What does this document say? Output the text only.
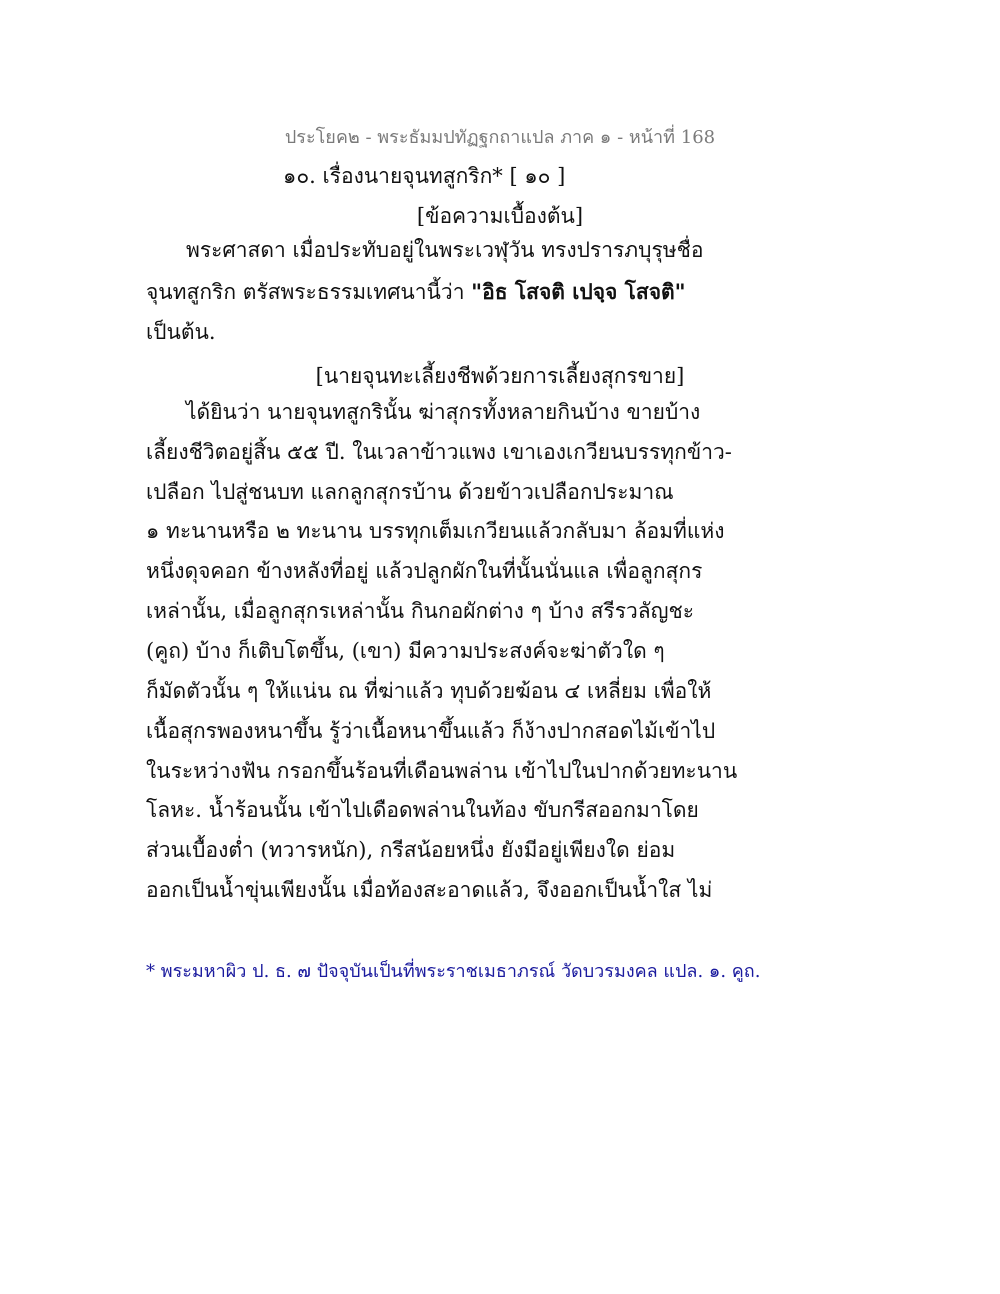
ประโยค๒ - พระธัมมปทัฏฐกถาแปล ภาค ๑ - หน้าที่ 168
๑๐. เรื่องนายจุนทสูกริก* [ ๑๐ ]
[ข้อความเบื้องต้น]
พระศาสดา เมื่อประทับอยู่ในพระเวฬุวัน ทรงปรารภบุรุษชื่อ
จุนทสูกริก ตรัสพระธรรมเทศนานี้ว่า "อิธ โสจติ เปจฺจ โสจติ"
เป็นต้น.
[นายจุนทะเลี้ยงชีพด้วยการเลี้ยงสุกรขาย]
ได้ยินว่า นายจุนทสูกรินั้น ฆ่าสุกรทั้งหลายกินบ้าง ขายบ้าง
เลี้ยงชีวิตอยู่สิ้น ๕๕ ปี. ในเวลาข้าวแพง เขาเองเกวียนบรรทุกข้าว-
เปลือก ไปสู่ชนบท แลกลูกสุกรบ้าน ด้วยข้าวเปลือกประมาณ
๑ ทะนานหรือ ๒ ทะนาน บรรทุกเต็มเกวียนแล้วกลับมา ล้อมที่แห่ง
หนึ่งดุจคอก ข้างหลังที่อยู่ แล้วปลูกผักในที่นั้นนั่นแล เพื่อลูกสุกร
เหล่านั้น, เมื่อลูกสุกรเหล่านั้น กินกอผักต่าง ๆ บ้าง สรีรวลัญชะ
(คูถ) บ้าง ก็เติบโตขึ้น, (เขา) มีความประสงค์จะฆ่าตัวใด ๆ
ก็มัดตัวนั้น ๆ ให้แน่น ณ ที่ฆ่าแล้ว ทุบด้วยฆ้อน ๔ เหลี่ยม เพื่อให้
เนื้อสุกรพองหนาขึ้น รู้ว่าเนื้อหนาขึ้นแล้ว ก็ง้างปากสอดไม้เข้าไป
ในระหว่างฟัน กรอกขึ้นร้อนที่เดือนพล่าน เข้าไปในปากด้วยทะนาน
โลหะ. น้ำร้อนนั้น เข้าไปเดือดพล่านในท้อง ขับกรีสออกมาโดย
ส่วนเบื้องต่ำ (ทวารหนัก), กรีสน้อยหนึ่ง ยังมีอยู่เพียงใด ย่อม
ออกเป็นน้ำขุ่นเพียงนั้น เมื่อท้องสะอาดแล้ว, จึงออกเป็นน้ำใส ไม่
* พระมหาผิว ป. ธ. ๗ ปัจจุบันเป็นที่พระราชเมธาภรณ์ วัดบวรมงคล แปล. ๑. คูถ.
